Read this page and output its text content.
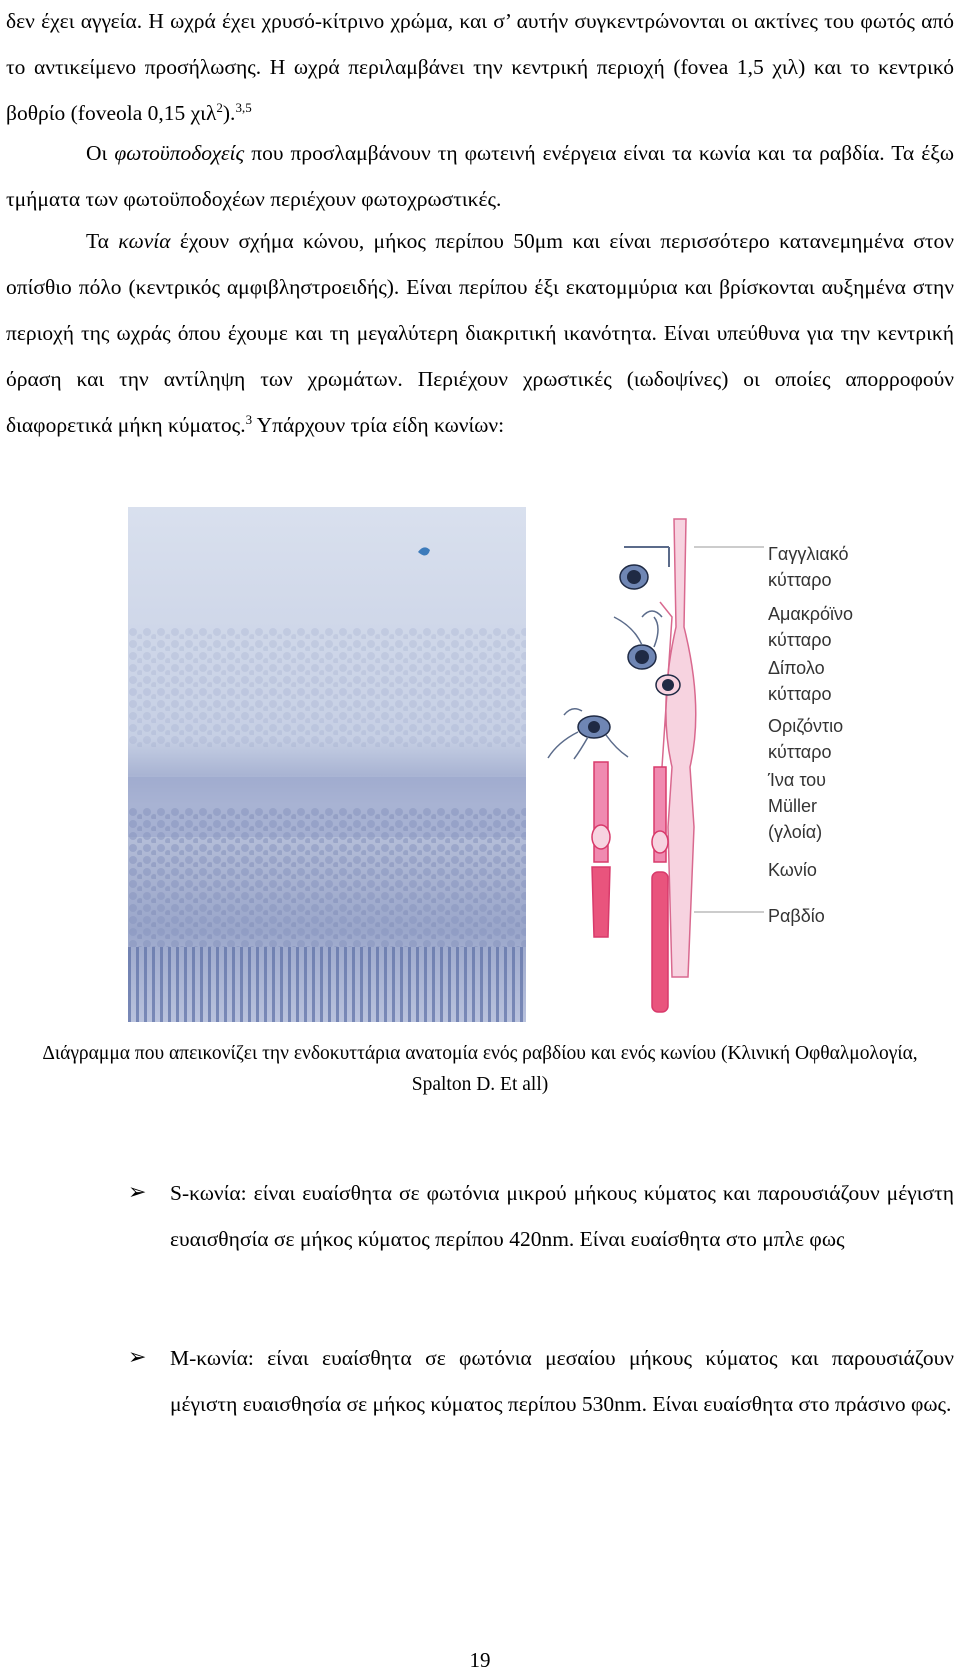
δεν έχει αγγεία. Η ωχρά έχει χρυσό-κίτρινο χρώμα, και σ’ αυτήν συγκεντρώνονται οι ακτίνες του φωτός από το αντικείμενο προσήλωσης. Η ωχρά περιλαμβάνει την κεντρική περιοχή (fovea 1,5 χιλ) και το κεντρικό βοθρίο (foveola 0,15 χιλ$^2$).$^{3,5}$

Οι φωτοϋποδοχείς που προσλαμβάνουν τη φωτεινή ενέργεια είναι τα κωνία και τα ραβδία. Τα έξω τμήματα των φωτοϋποδοχέων περιέχουν φωτοχρωστικές.

Τα κωνία έχουν σχήμα κώνου, μήκος περίπου 50μm και είναι περισσότερο κατανεμημένα στον οπίσθιο πόλο (κεντρικός αμφιβληστροειδής). Είναι περίπου έξι εκατομμύρια και βρίσκονται αυξημένα στην περιοχή της ωχράς όπου έχουμε και τη μεγαλύτερη διακριτική ικανότητα. Είναι υπεύθυνα για την κεντρική όραση και την αντίληψη των χρωμάτων. Περιέχουν χρωστικές (ιωδοψίνες) οι οποίες απορροφούν διαφορετικά μήκη κύματος.$^3$ Υπάρχουν τρία είδη κωνίων:

Γαγγλιακό
κύτταρο
Αμακρόϊνο
κύτταρο
Δίπολο
κύτταρο
Οριζόντιο
κύτταρο
Ίνα του
Müller
(γλοία)
Κωνίο
Ραβδίο

Διάγραμμα που απεικονίζει την ενδοκυττάρια ανατομία ενός ραβδίου και ενός κωνίου (Κλινική Οφθαλμολογία, Spalton D. Et all)

➢ S-κωνία: είναι ευαίσθητα σε φωτόνια μικρού μήκους κύματος και παρουσιάζουν μέγιστη ευαισθησία σε μήκος κύματος περίπου 420nm. Είναι ευαίσθητα στο μπλε φως
➢ M-κωνία: είναι ευαίσθητα σε φωτόνια μεσαίου μήκους κύματος και παρουσιάζουν μέγιστη ευαισθησία σε μήκος κύματος περίπου 530nm. Είναι ευαίσθητα στο πράσινο φως.
19
